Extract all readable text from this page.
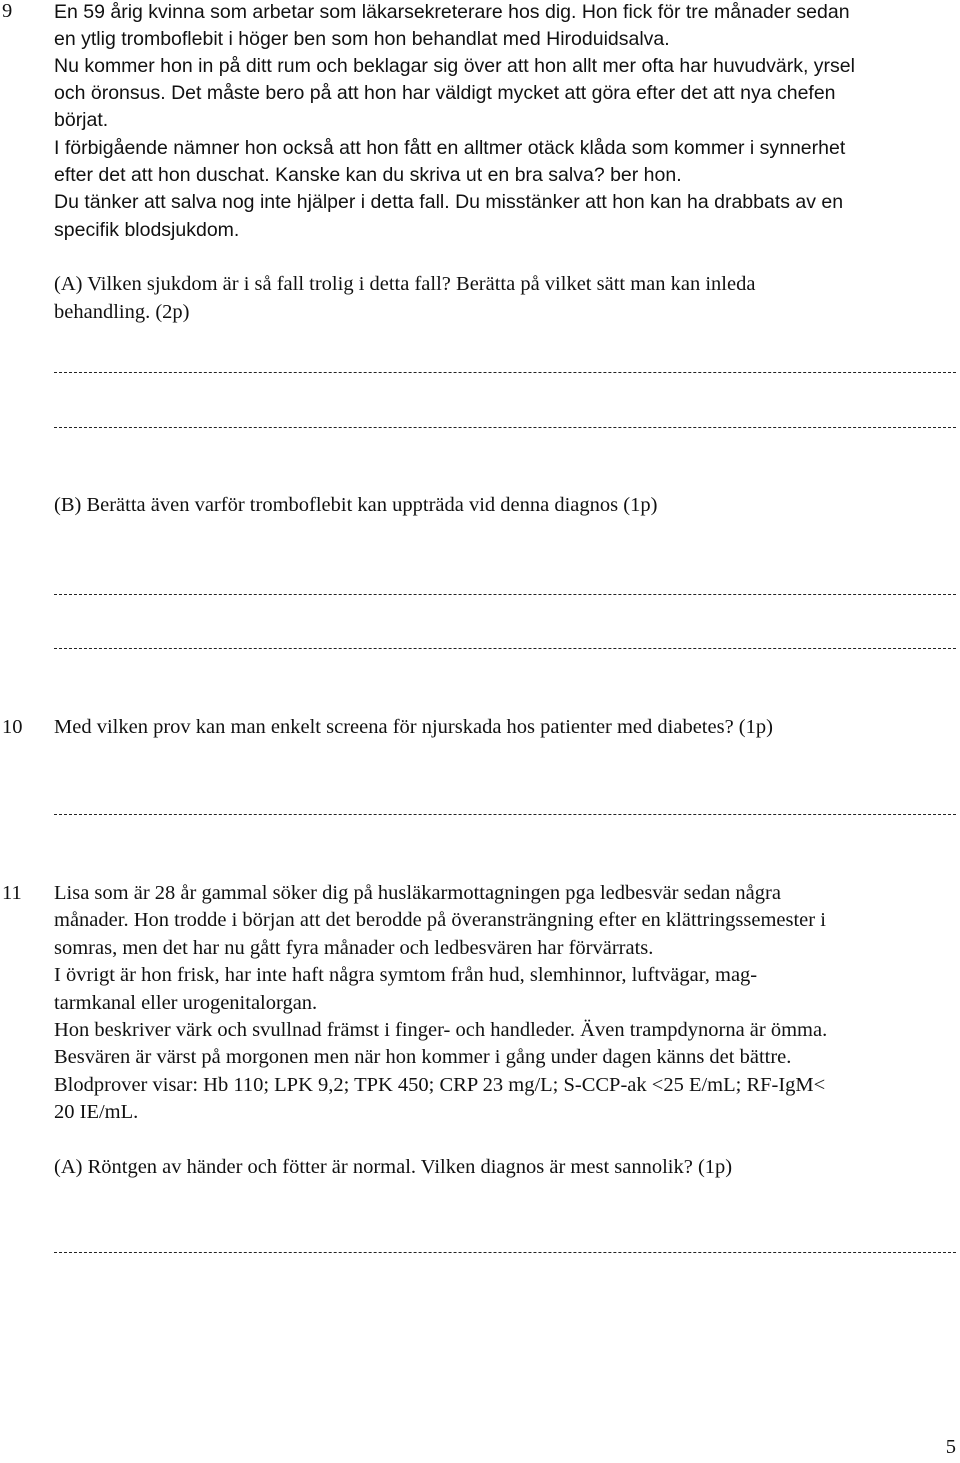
9 En 59 årig kvinna som arbetar som läkarsekreterare hos dig. Hon fick för tre månader sedan
en ytlig tromboflebit i höger ben som hon behandlat med Hiroduidsalva.
Nu kommer hon in på ditt rum och beklagar sig över att hon allt mer ofta har huvudvärk, yrsel
och öronsus. Det måste bero på att hon har väldigt mycket att göra efter det att nya chefen
börjat.
I förbigående nämner hon också att hon fått en alltmer otäck klåda som kommer i synnerhet
efter det att hon duschat. Kanske kan du skriva ut en bra salva? ber hon.
Du tänker att salva nog inte hjälper i detta fall. Du misstänker att hon kan ha drabbats av en
specifik blodsjukdom.
(A) Vilken sjukdom är i så fall trolig i detta fall? Berätta på vilket sätt man kan inleda
behandling. (2p)
(B) Berätta även varför tromboflebit kan uppträda vid denna diagnos (1p)
10 Med vilken prov kan man enkelt screena för njurskada hos patienter med diabetes? (1p)
11 Lisa som är 28 år gammal söker dig på husläkarmottagningen pga ledbesvär sedan några
månader. Hon trodde i början att det berodde på överansträngning efter en klättringssemester i
somras, men det har nu gått fyra månader och ledbesvären har förvärrats.
I övrigt är hon frisk, har inte haft några symtom från hud, slemhinnor, luftvägar, mag-
tarmkanal eller urogenitalorgan.
Hon beskriver värk och svullnad främst i finger- och handleder. Även trampdynorna är ömma.
Besvären är värst på morgonen men när hon kommer i gång under dagen känns det bättre.
Blodprover visar: Hb 110; LPK 9,2; TPK 450; CRP 23 mg/L; S-CCP-ak <25 E/mL; RF-IgM<
20 IE/mL.
(A) Röntgen av händer och fötter är normal. Vilken diagnos är mest sannolik? (1p)
5
